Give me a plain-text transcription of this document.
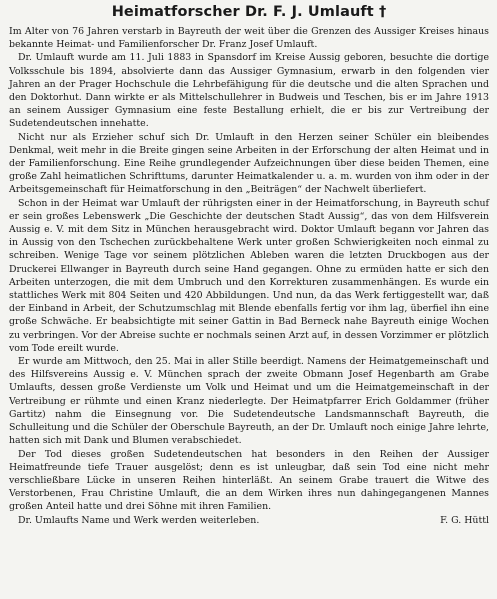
Heimatforscher Dr. F. J. Umlauft †

Im Alter von 76 Jahren verstarb in Bayreuth der weit über die Grenzen des Aussiger Kreises hinaus bekannte Heimat- und Familienforscher Dr. Franz Josef Umlauft.

Dr. Umlauft wurde am 11. Juli 1883 in Spansdorf im Kreise Aussig geboren, besuchte die dortige Volksschule bis 1894, absolvierte dann das Aussiger Gymnasium, erwarb in den folgenden vier Jahren an der Prager Hochschule die Lehrbefähigung für die deutsche und die alten Sprachen und den Doktorhut. Dann wirkte er als Mittelschullehrer in Budweis und Teschen, bis er im Jahre 1913 an seinem Aussiger Gymnasium eine feste Bestallung erhielt, die er bis zur Vertreibung der Sudetendeutschen innehatte.

Nicht nur als Erzieher schuf sich Dr. Umlauft in den Herzen seiner Schüler ein bleibendes Denkmal, weit mehr in die Breite gingen seine Arbeiten in der Erforschung der alten Heimat und in der Familienforschung. Eine Reihe grundlegender Aufzeichnungen über diese beiden Themen, eine große Zahl heimatlichen Schrifttums, darunter Heimatkalender u. a. m. wurden von ihm oder in der Arbeitsgemeinschaft für Heimatforschung in den „Beiträgen“ der Nachwelt überliefert.

Schon in der Heimat war Umlauft der rührigsten einer in der Heimatforschung, in Bayreuth schuf er sein großes Lebenswerk „Die Geschichte der deutschen Stadt Aussig“, das von dem Hilfsverein Aussig e. V. mit dem Sitz in München herausgebracht wird. Doktor Umlauft begann vor Jahren das in Aussig von den Tschechen zurückbehaltene Werk unter großen Schwierigkeiten noch einmal zu schreiben. Wenige Tage vor seinem plötzlichen Ableben waren die letzten Druckbogen aus der Druckerei Ellwanger in Bayreuth durch seine Hand gegangen. Ohne zu ermüden hatte er sich den Arbeiten unterzogen, die mit dem Umbruch und den Korrekturen zusammenhängen. Es wurde ein stattliches Werk mit 804 Seiten und 420 Abbildungen. Und nun, da das Werk fertiggestellt war, daß der Einband in Arbeit, der Schutzumschlag mit Blende ebenfalls fertig vor ihm lag, überfiel ihn eine große Schwäche. Er beabsichtigte mit seiner Gattin in Bad Berneck nahe Bayreuth einige Wochen zu verbringen. Vor der Abreise suchte er nochmals seinen Arzt auf, in dessen Vorzimmer er plötzlich vom Tode ereilt wurde.

Er wurde am Mittwoch, den 25. Mai in aller Stille beerdigt. Namens der Heimatgemeinschaft und des Hilfsvereins Aussig e. V. München sprach der zweite Obmann Josef Hegenbarth am Grabe Umlaufts, dessen große Verdienste um Volk und Heimat und um die Heimatgemeinschaft in der Vertreibung er rühmte und einen Kranz niederlegte. Der Heimatpfarrer Erich Goldammer (früher Gartitz) nahm die Einsegnung vor. Die Sudetendeutsche Landsmannschaft Bayreuth, die Schulleitung und die Schüler der Oberschule Bayreuth, an der Dr. Umlauft noch einige Jahre lehrte, hatten sich mit Dank und Blumen verabschiedet.

Der Tod dieses großen Sudetendeutschen hat besonders in den Reihen der Aussiger Heimatfreunde tiefe Trauer ausgelöst; denn es ist unleugbar, daß sein Tod eine nicht mehr verschließbare Lücke in unseren Reihen hinterläßt. An seinem Grabe trauert die Witwe des Verstorbenen, Frau Christine Umlauft, die an dem Wirken ihres nun dahingegangenen Mannes großen Anteil hatte und drei Söhne mit ihren Familien.

Dr. Umlaufts Name und Werk werden weiterleben.	F. G. Hüttl
